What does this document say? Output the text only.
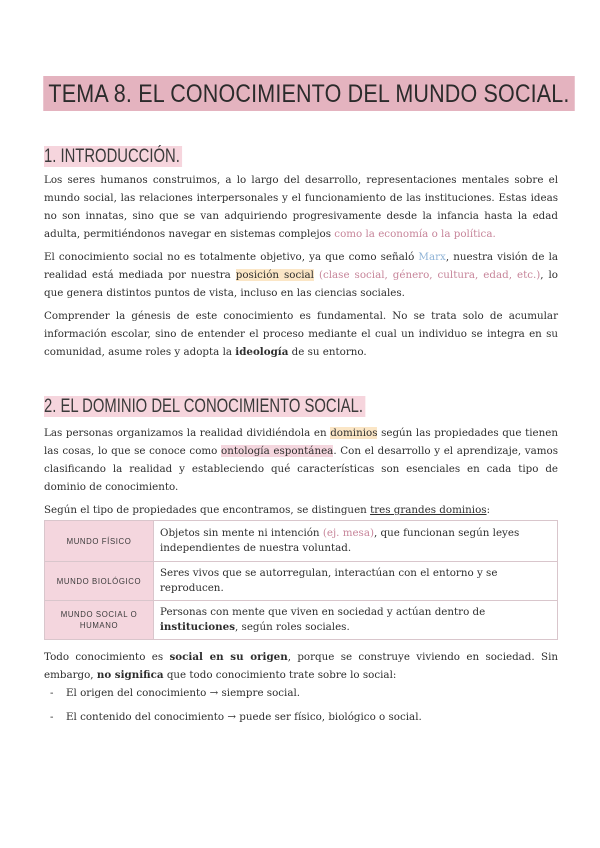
TEMA 8. EL CONOCIMIENTO DEL MUNDO SOCIAL.
1. INTRODUCCIÓN.

Los seres humanos construimos, a lo largo del desarrollo, representaciones mentales sobre el mundo social, las relaciones interpersonales y el funcionamiento de las instituciones. Estas ideas no son innatas, sino que se van adquiriendo progresivamente desde la infancia hasta la edad adulta, permitiéndonos navegar en sistemas complejos como la economía o la política.

El conocimiento social no es totalmente objetivo, ya que como señaló Marx, nuestra visión de la realidad está mediada por nuestra posición social (clase social, género, cultura, edad, etc.), lo que genera distintos puntos de vista, incluso en las ciencias sociales.

Comprender la génesis de este conocimiento es fundamental. No se trata solo de acumular información escolar, sino de entender el proceso mediante el cual un individuo se integra en su comunidad, asume roles y adopta la ideología de su entorno.

2. EL DOMINIO DEL CONOCIMIENTO SOCIAL.

Las personas organizamos la realidad dividiéndola en dominios según las propiedades que tienen las cosas, lo que se conoce como ontología espontánea. Con el desarrollo y el aprendizaje, vamos clasificando la realidad y estableciendo qué características son esenciales en cada tipo de dominio de conocimiento.

Según el tipo de propiedades que encontramos, se distinguen tres grandes dominios:

MUNDO FÍSICO	Objetos sin mente ni intención (ej. mesa), que funcionan según leyes independientes de nuestra voluntad.
MUNDO BIOLÓGICO	Seres vivos que se autorregulan, interactúan con el entorno y se reproducen.
MUNDO SOCIAL O HUMANO	Personas con mente que viven en sociedad y actúan dentro de instituciones, según roles sociales.

Todo conocimiento es social en su origen, porque se construye viviendo en sociedad. Sin embargo, no significa que todo conocimiento trate sobre lo social:

- El origen del conocimiento → siempre social.
- El contenido del conocimiento → puede ser físico, biológico o social.
